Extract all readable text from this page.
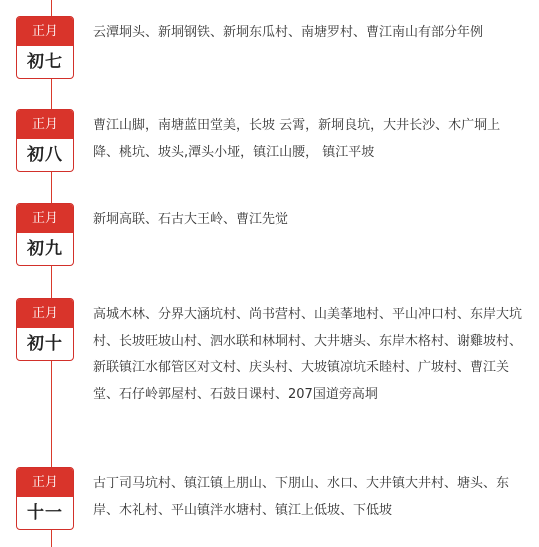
正月
初七

云潭垌头、新垌钢铁、新垌东瓜村、南塘罗村、曹江南山有部分年例

正月
初八

曹江山脚，南塘蓝田堂美，长坡 云霄，新垌良坑，大井长沙、木广垌上 降、桃坑、坡头,潭头小垭，镇江山腰， 镇江平坡

正月
初九

新垌高联、石古大王岭、曹江先觉

正月
初十

高城木林、分界大涵坑村、尚书营村、山美莑地村、平山冲口村、东岸大坑村、长坡旺坡山村、泗水联和林垌村、大井塘头、东岸木格村、谢雞坡村、新联镇江水郁管区对文村、庆头村、大坡镇凉坑禾睦村、广坡村、曹江关堂、石仔岭郭屋村、石鼓日课村、207国道旁高垌

正月
十一

古丁司马坑村、镇江镇上朋山、下朋山、水口、大井镇大井村、塘头、东岸、木礼村、平山镇泮水塘村、镇江上低坡、下低坡
